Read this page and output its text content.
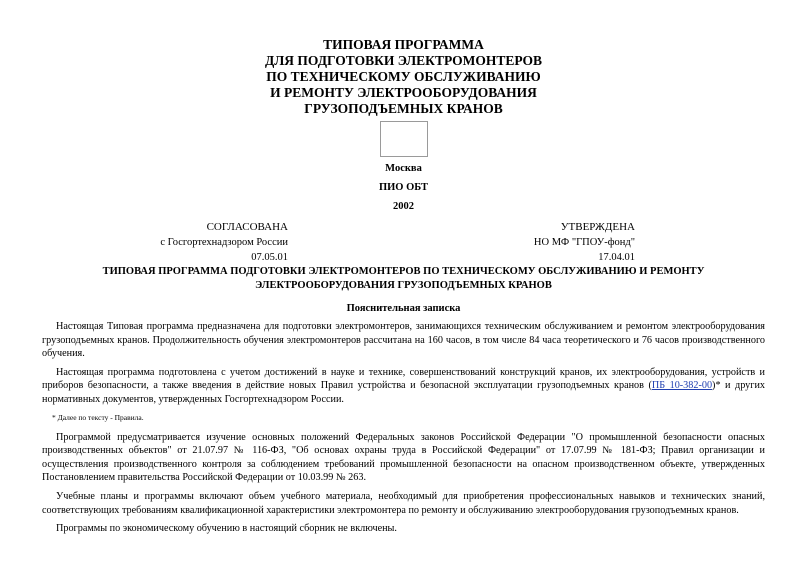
ТИПОВАЯ ПРОГРАММА
ДЛЯ ПОДГОТОВКИ ЭЛЕКТРОМОНТЕРОВ
ПО ТЕХНИЧЕСКОМУ ОБСЛУЖИВАНИЮ
И РЕМОНТУ ЭЛЕКТРООБОРУДОВАНИЯ
ГРУЗОПОДЪЕМНЫХ КРАНОВ
Москва
ПИО ОБТ
2002
СОГЛАСОВАНА
с Госгортехнадзором России
07.05.01
УТВЕРЖДЕНА
НО МФ "ГПОУ-фонд"
17.04.01
ТИПОВАЯ ПРОГРАММА ПОДГОТОВКИ ЭЛЕКТРОМОНТЕРОВ ПО ТЕХНИЧЕСКОМУ ОБСЛУЖИВАНИЮ И РЕМОНТУ ЭЛЕКТРООБОРУДОВАНИЯ ГРУЗОПОДЪЕМНЫХ КРАНОВ
Пояснительная записка

Настоящая Типовая программа предназначена для подготовки электромонтеров, занимающихся техническим обслуживанием и ремонтом электрооборудования грузоподъемных кранов. Продолжительность обучения электромонтеров рассчитана на 160 часов, в том числе 84 часа теоретического и 76 часов производственного обучения.

Настоящая программа подготовлена с учетом достижений в науке и технике, совершенствований конструкций кранов, их электрооборудования, устройств и приборов безопасности, а также введения в действие новых Правил устройства и безопасной эксплуатации грузоподъемных кранов (ПБ 10-382-00)* и других нормативных документов, утвержденных Госгортехнадзором России.

* Далее по тексту - Правила.

Программой предусматривается изучение основных положений Федеральных законов Российской Федерации "О промышленной безопасности опасных производственных объектов" от 21.07.97 № 116-ФЗ, "Об основах охраны труда в Российской Федерации" от 17.07.99 № 181-ФЗ; Правил организации и осуществления производственного контроля за соблюдением требований промышленной безопасности на опасном производственном объекте, утвержденных Постановлением правительства Российской Федерации от 10.03.99 № 263.

Учебные планы и программы включают объем учебного материала, необходимый для приобретения профессиональных навыков и технических знаний, соответствующих требованиям квалификационной характеристики электромонтера по ремонту и обслуживанию электрооборудования грузоподъемных кранов.

Программы по экономическому обучению в настоящий сборник не включены.
